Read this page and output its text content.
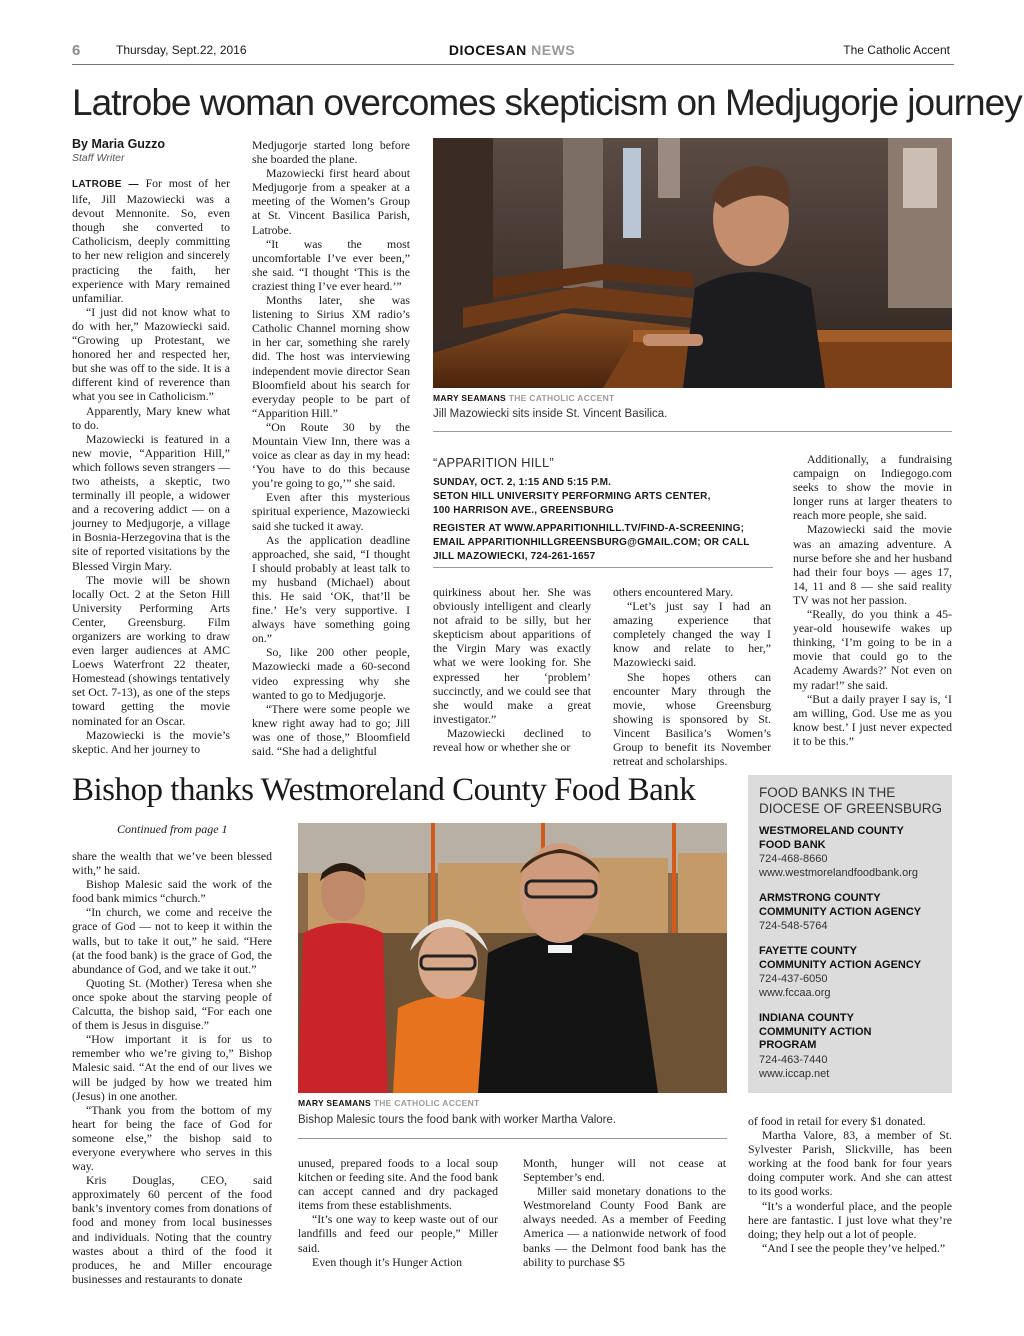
6	Thursday, Sept.22, 2016	DIOCESAN NEWS	The Catholic Accent
Latrobe woman overcomes skepticism on Medjugorje journey
By Maria Guzzo
Staff Writer

LATROBE — For most of her life, Jill Mazowiecki was a devout Mennonite. So, even though she converted to Catholicism, deeply committing to her new religion and sincerely practicing the faith, her experience with Mary remained unfamiliar.

“I just did not know what to do with her,” Mazowiecki said. “Growing up Protestant, we honored her and respected her, but she was off to the side. It is a different kind of reverence than what you see in Catholicism.”

Apparently, Mary knew what to do.

Mazowiecki is featured in a new movie, “Apparition Hill,” which follows seven strangers — two atheists, a skeptic, two terminally ill people, a widower and a recovering addict — on a journey to Medjugorje, a village in Bosnia-Herzegovina that is the site of reported visitations by the Blessed Virgin Mary.

The movie will be shown locally Oct. 2 at the Seton Hill University Performing Arts Center, Greensburg. Film organizers are working to draw even larger audiences at AMC Loews Waterfront 22 theater, Homestead (showings tentatively set Oct. 7-13), as one of the steps toward getting the movie nominated for an Oscar.

Mazowiecki is the movie’s skeptic. And her journey to

Medjugorje started long before she boarded the plane.

Mazowiecki first heard about Medjugorje from a speaker at a meeting of the Women’s Group at St. Vincent Basilica Parish, Latrobe.

“It was the most uncomfortable I’ve ever been,” she said. “I thought ‘This is the craziest thing I’ve ever heard.’”

Months later, she was listening to Sirius XM radio’s Catholic Channel morning show in her car, something she rarely did. The host was interviewing independent movie director Sean Bloomfield about his search for everyday people to be part of “Apparition Hill.”

“On Route 30 by the Mountain View Inn, there was a voice as clear as day in my head: ‘You have to do this because you’re going to go,’” she said.

Even after this mysterious spiritual experience, Mazowiecki said she tucked it away.

As the application deadline approached, she said, “I thought I should probably at least talk to my husband (Michael) about this. He said ‘OK, that’ll be fine.’ He’s very supportive. I always have something going on.”

So, like 200 other people, Mazowiecki made a 60-second video expressing why she wanted to go to Medjugorje.

“There were some people we knew right away had to go; Jill was one of those,” Bloomfield said. “She had a delightful

MARY SEAMANS THE CATHOLIC ACCENT
Jill Mazowiecki sits inside St. Vincent Basilica.
“APPARITION HILL”
SUNDAY, OCT. 2, 1:15 AND 5:15 P.M.
SETON HILL UNIVERSITY PERFORMING ARTS CENTER,
100 HARRISON AVE., GREENSBURG
REGISTER AT WWW.APPARITIONHILL.TV/FIND-A-SCREENING;
EMAIL APPARITIONHILLGREENSBURG@GMAIL.COM; OR CALL
JILL MAZOWIECKI, 724-261-1657

quirkiness about her. She was obviously intelligent and clearly not afraid to be silly, but her skepticism about apparitions of the Virgin Mary was exactly what we were looking for. She expressed her ‘problem’ succinctly, and we could see that she would make a great investigator.”

Mazowiecki declined to reveal how or whether she or

others encountered Mary.

“Let’s just say I had an amazing experience that completely changed the way I know and relate to her,” Mazowiecki said.

She hopes others can encounter Mary through the movie, whose Greensburg showing is sponsored by St. Vincent Basilica’s Women’s Group to benefit its November retreat and scholarships.

Additionally, a fundraising campaign on Indiegogo.com seeks to show the movie in longer runs at larger theaters to reach more people, she said.

Mazowiecki said the movie was an amazing adventure. A nurse before she and her husband had their four boys — ages 17, 14, 11 and 8 — she said reality TV was not her passion.

“Really, do you think a 45-year-old housewife wakes up thinking, ‘I’m going to be in a movie that could go to the Academy Awards?’ Not even on my radar!” she said.

“But a daily prayer I say is, ‘I am willing, God. Use me as you know best.’ I just never expected it to be this.”

Bishop thanks Westmoreland County Food Bank
Continued from page 1

share the wealth that we’ve been blessed with,” he said.

Bishop Malesic said the work of the food bank mimics “church.”

“In church, we come and receive the grace of God — not to keep it within the walls, but to take it out,” he said. “Here (at the food bank) is the grace of God, the abundance of God, and we take it out.”

Quoting St. (Mother) Teresa when she once spoke about the starving people of Calcutta, the bishop said, “For each one of them is Jesus in disguise.”

“How important it is for us to remember who we’re giving to,” Bishop Malesic said. “At the end of our lives we will be judged by how we treated him (Jesus) in one another.

“Thank you from the bottom of my heart for being the face of God for someone else,” the bishop said to everyone everywhere who serves in this way.

Kris Douglas, CEO, said approximately 60 percent of the food bank’s inventory comes from donations of food and money from local businesses and individuals. Noting that the country wastes about a third of the food it produces, he and Miller encourage businesses and restaurants to donate

MARY SEAMANS THE CATHOLIC ACCENT
Bishop Malesic tours the food bank with worker Martha Valore.

unused, prepared foods to a local soup kitchen or feeding site. And the food bank can accept canned and dry packaged items from these establishments.

“It’s one way to keep waste out of our landfills and feed our people,” Miller said.

Even though it’s Hunger Action

Month, hunger will not cease at September’s end.

Miller said monetary donations to the Westmoreland County Food Bank are always needed. As a member of Feeding America — a nationwide network of food banks — the Delmont food bank has the ability to purchase $5

FOOD BANKS IN THE
DIOCESE OF GREENSBURG
WESTMORELAND COUNTY
FOOD BANK
724-468-8660
www.westmorelandfoodbank.org
ARMSTRONG COUNTY
COMMUNITY ACTION AGENCY
724-548-5764
FAYETTE COUNTY
COMMUNITY ACTION AGENCY
724-437-6050
www.fccaa.org
INDIANA COUNTY
COMMUNITY ACTION
PROGRAM
724-463-7440
www.iccap.net

of food in retail for every $1 donated.

Martha Valore, 83, a member of St. Sylvester Parish, Slickville, has been working at the food bank for four years doing computer work. And she can attest to its good works.

“It’s a wonderful place, and the people here are fantastic. I just love what they’re doing; they help out a lot of people.

“And I see the people they’ve helped.”
